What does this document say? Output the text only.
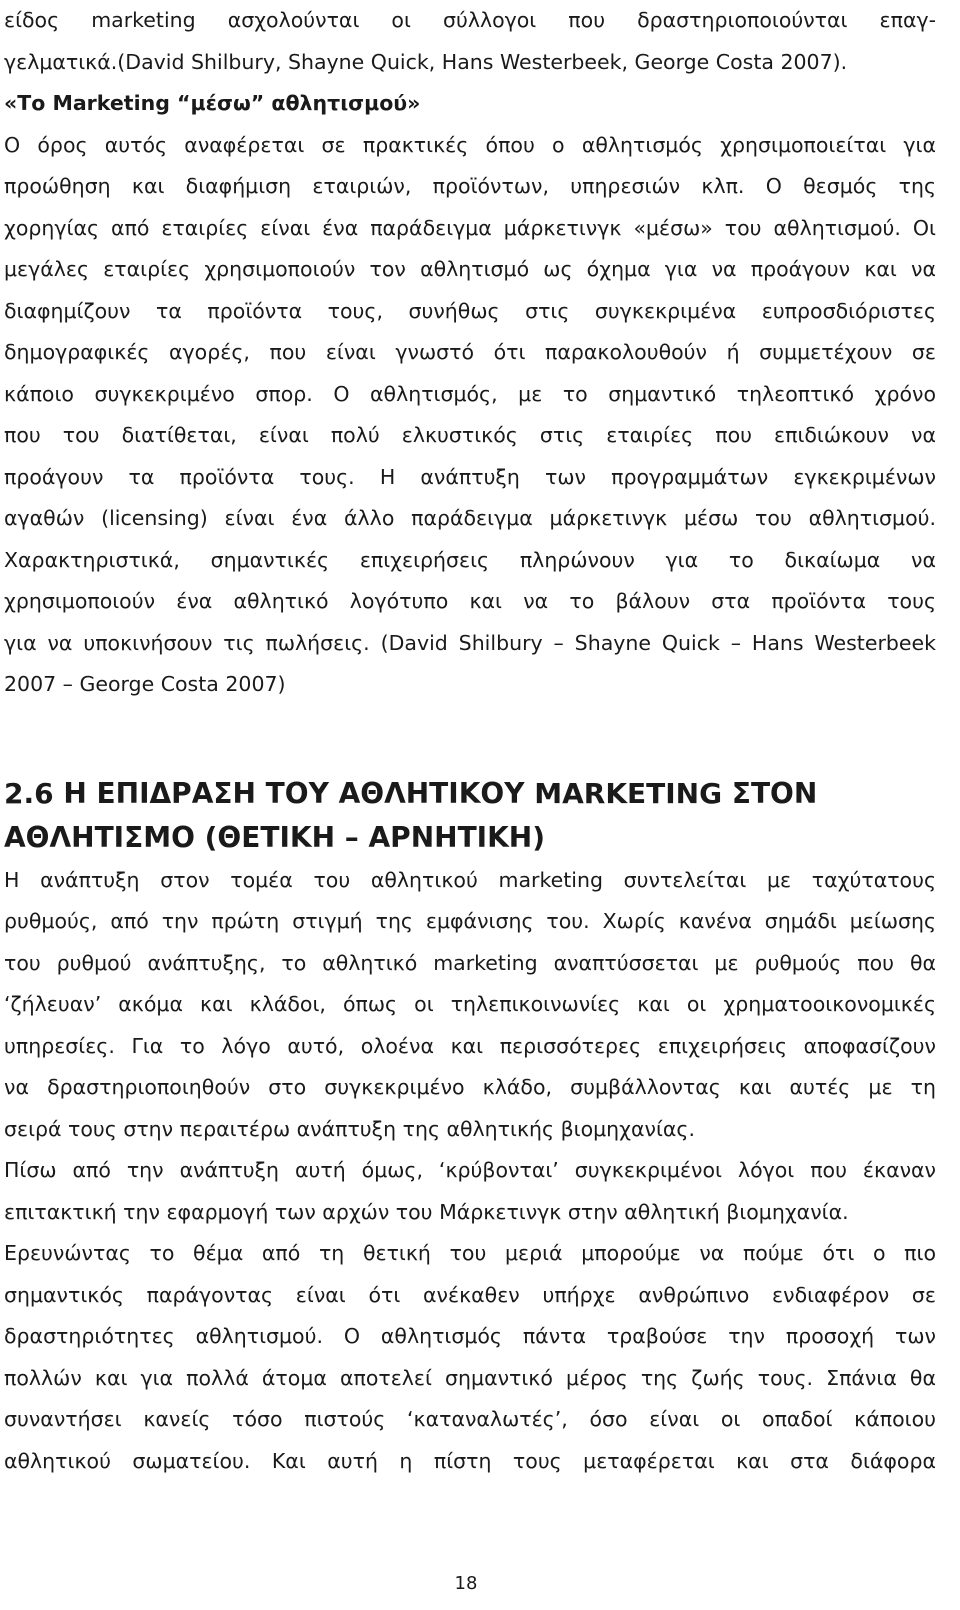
είδος marketing ασχολούνται οι σύλλογοι που δραστηριοποιούνται επαγ-
γελματικά.(David Shilbury, Shayne Quick, Hans Westerbeek, George Costa 2007).
«Το Marketing “μέσω” αθλητισμού»
Ο όρος αυτός αναφέρεται σε πρακτικές όπου ο αθλητισμός χρησιμοποιείται για
προώθηση και διαφήμιση εταιριών, προϊόντων, υπηρεσιών κλπ. Ο θεσμός της
χορηγίας από εταιρίες είναι ένα παράδειγμα μάρκετινγκ «μέσω» του αθλητισμού. Οι
μεγάλες εταιρίες χρησιμοποιούν τον αθλητισμό ως όχημα για να προάγουν και να
διαφημίζουν τα προϊόντα τους, συνήθως στις συγκεκριμένα ευπροσδιόριστες
δημογραφικές αγορές, που είναι γνωστό ότι παρακολουθούν ή συμμετέχουν σε
κάποιο συγκεκριμένο σπορ. Ο αθλητισμός, με το σημαντικό τηλεοπτικό χρόνο
που του διατίθεται, είναι πολύ ελκυστικός στις εταιρίες που επιδιώκουν να
προάγουν τα προϊόντα τους. Η ανάπτυξη των προγραμμάτων εγκεκριμένων
αγαθών (licensing) είναι ένα άλλο παράδειγμα μάρκετινγκ μέσω του αθλητισμού.
Χαρακτηριστικά, σημαντικές επιχειρήσεις πληρώνουν για το δικαίωμα να
χρησιμοποιούν ένα αθλητικό λογότυπο και να το βάλουν στα προϊόντα τους
για να υποκινήσουν τις πωλήσεις. (David Shilbury – Shayne Quick – Hans Westerbeek
2007 – George Costa 2007)
2.6 Η ΕΠΙΔΡΑΣΗ ΤΟΥ ΑΘΛΗΤΙΚΟΥ MARKETING ΣΤΟΝ
ΑΘΛΗΤΙΣΜΟ (ΘΕΤΙΚΗ – ΑΡΝΗΤΙΚΗ)
Η ανάπτυξη στον τομέα του αθλητικού marketing συντελείται με ταχύτατους
ρυθμούς, από την πρώτη στιγμή της εμφάνισης του. Χωρίς κανένα σημάδι μείωσης
του ρυθμού ανάπτυξης, το αθλητικό marketing αναπτύσσεται με ρυθμούς που θα
‘ζήλευαν’ ακόμα και κλάδοι, όπως οι τηλεπικοινωνίες και οι χρηματοοικονομικές
υπηρεσίες. Για το λόγο αυτό, ολοένα και περισσότερες επιχειρήσεις αποφασίζουν
να δραστηριοποιηθούν στο συγκεκριμένο κλάδο, συμβάλλοντας και αυτές με τη
σειρά τους στην περαιτέρω ανάπτυξη της αθλητικής βιομηχανίας.
Πίσω από την ανάπτυξη αυτή όμως, ‘κρύβονται’ συγκεκριμένοι λόγοι που έκαναν
επιτακτική την εφαρμογή των αρχών του Μάρκετινγκ στην αθλητική βιομηχανία.
Ερευνώντας το θέμα από τη θετική του μεριά μπορούμε να πούμε ότι ο πιο
σημαντικός παράγοντας είναι ότι ανέκαθεν υπήρχε ανθρώπινο ενδιαφέρον σε
δραστηριότητες αθλητισμού. Ο αθλητισμός πάντα τραβούσε την προσοχή των
πολλών και για πολλά άτομα αποτελεί σημαντικό μέρος της ζωής τους. Σπάνια θα
συναντήσει κανείς τόσο πιστούς ‘καταναλωτές’, όσο είναι οι οπαδοί κάποιου
αθλητικού σωματείου. Και αυτή η πίστη τους μεταφέρεται και στα διάφορα
18
